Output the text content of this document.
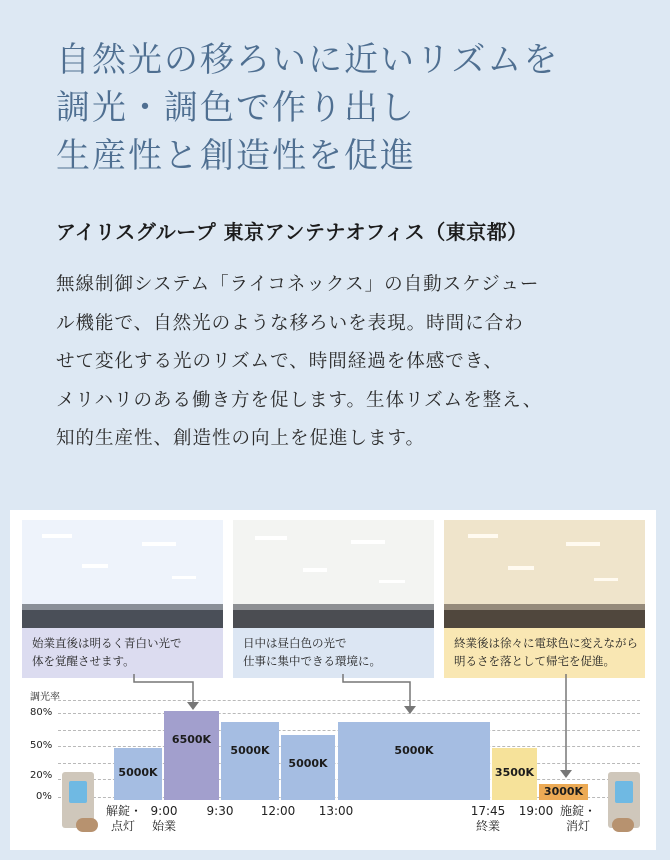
自然光の移ろいに近いリズムを
調光・調色で作り出し
生産性と創造性を促進
アイリスグループ 東京アンテナオフィス（東京都）
無線制御システム「ライコネックス」の自動スケジュー
ル機能で、自然光のような移ろいを表現。時間に合わ
せて変化する光のリズムで、時間経過を体感でき、
メリハリのある働き方を促します。生体リズムを整え、
知的生産性、創造性の向上を促進します。
始業直後は明るく青白い光で
体を覚醒させます。
日中は昼白色の光で
仕事に集中できる環境に。
終業後は徐々に電球色に変えながら
明るさを落として帰宅を促進。
調光率
80%
50%
20%
0%
5000K
6500K
5000K
5000K
5000K
3500K
3000K
解錠・
点灯
9:00
始業
9:30	12:00	13:00	17:45
終業
19:00 施錠・
消灯
